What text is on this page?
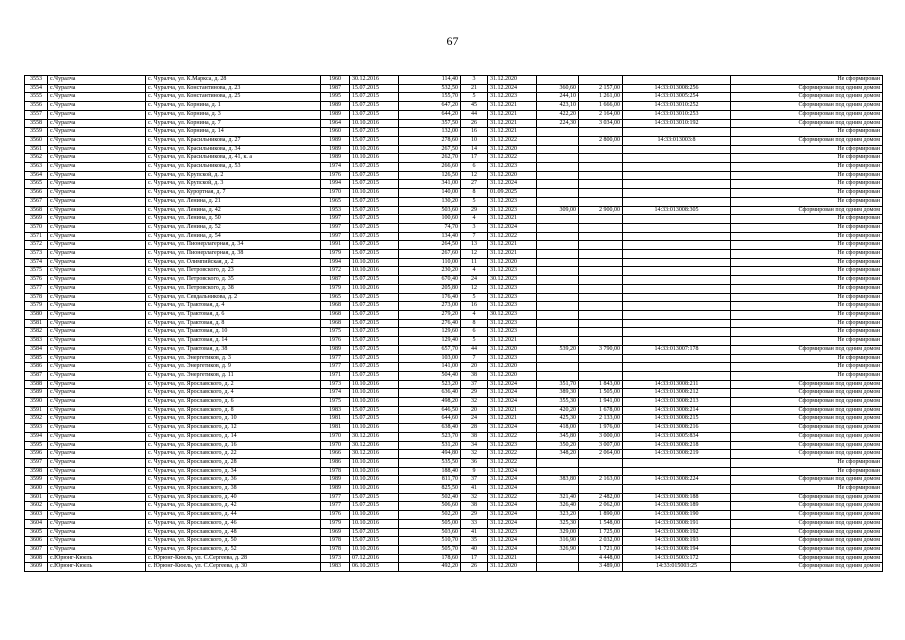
67
3553	с.Чуралча	с. Чуралча, ул. К.Маркса, д. 28	1960	30.12.2016	114,40	3	31.12.2020				Не сформирован
3554	с.Чуралча	с. Чуралча, ул. Константинова, д. 23	1987	15.07.2015	532,50	21	31.12.2024	360,60	2 157,00	14:33:013008:256	Сформирован под одним домом
3555	с.Чуралча	с. Чуралча, ул. Константинова, д. 25	1995	15.07.2015	155,70	5	31.12.2023	244,10	1 261,00	14:33:013005:254	Сформирован под одним домом
3556	с.Чуралча	с. Чуралча, ул. Корнина, д. 1	1989	15.07.2015	647,20	45	31.12.2021	423,10	1 666,00	14:33:013010:252	Сформирован под одним домом
3557	с.Чуралча	с. Чуралча, ул. Корнина, д. 3	1989	13.07.2015	644,20	44	31.12.2021	422,20	2 164,00	14:33:013010:253	Сформирован под одним домом
3558	с.Чуралча	с. Чуралча, ул. Корнина, д. 7	1964	10.10.2016	357,50	26	31.12.2021	224,30	3 034,00	14:33:013010:192	Сформирован под одним домом
3559	с.Чуралча	с. Чуралча, ул. Корнина, д. 14	1960	15.07.2015	132,00	16	31.12.2021				Не сформирован
3560	с.Чуралча	с. Чуралча, ул. Красильникова, д. 27	1989	15.07.2015	278,60	10	31.12.2022		2 800,00	14:33:013003:8	Сформирован под одним домом
3561	с.Чуралча	с. Чуралча, ул. Красильникова, д. 34	1989	10.10.2016	267,50	14	31.12.2020				Не сформирован
3562	с.Чуралча	с. Чуралча, ул. Красильникова, д. 41, к. а	1989	10.10.2016	262,70	17	31.12.2022				Не сформирован
3563	с.Чуралча	с. Чуралча, ул. Красильникова, д. 53	1974	15.07.2015	266,60	6	31.12.2023				Не сформирован
3564	с.Чуралча	с. Чуралча, ул. Крупской, д. 2	1976	15.07.2015	126,50	12	31.12.2020				Не сформирован
3565	с.Чуралча	с. Чуралча, ул. Крупской, д. 3	1994	15.07.2015	341,00	27	31.12.2024				Не сформирован
3566	с.Чуралча	с. Чуралча, ул. Курортная, д. 7	1970	10.10.2016	140,00	8	01.09.2025				Не сформирован
3567	с.Чуралча	с. Чуралча, ул. Ленина, д. 21	1965	15.07.2015	130,20	5	31.12.2023				Не сформирован
3568	с.Чуралча	с. Чуралча, ул. Ленина, д. 42	1953	15.07.2015	503,60	29	31.12.2023	309,00	2 900,00	14:33:013008:305	Сформирован под одним домом
3569	с.Чуралча	с. Чуралча, ул. Ленина, д. 50	1997	15.07.2015	100,60	4	31.12.2021				Не сформирован
3570	с.Чуралча	с. Чуралча, ул. Ленина, д. 52	1997	15.07.2015	74,70	3	31.12.2024				Не сформирован
3571	с.Чуралча	с. Чуралча, ул. Ленина, д. 54	1997	15.07.2015	134,40	7	31.12.2022				Не сформирован
3572	с.Чуралча	с. Чуралча, ул. Пионерлагерная, д. 34	1991	15.07.2015	264,50	13	31.12.2021				Не сформирован
3573	с.Чуралча	с. Чуралча, ул. Пионерлагерная, д. 38	1979	15.07.2015	267,60	12	31.12.2021				Не сформирован
3574	с.Чуралча	с. Чуралча, ул. Олимпийская, д. 2	1994	10.10.2016	110,00	11	31.12.2020				Не сформирован
3575	с.Чуралча	с. Чуралча, ул. Петровского, д. 23	1972	10.10.2016	230,20	4	31.12.2023				Не сформирован
3576	с.Чуралча	с. Чуралча, ул. Петровского, д. 35	1987	15.07.2015	670,40	24	30.12.2023				Не сформирован
3577	с.Чуралча	с. Чуралча, ул. Петровского, д. 38	1979	10.10.2016	205,80	12	31.12.2023				Не сформирован
3578	с.Чуралча	с. Чуралча, ул. Севдальникова, д. 2	1965	15.07.2015	176,40	5	31.12.2023				Не сформирован
3579	с.Чуралча	с. Чуралча, ул. Трактовая, д. 4	1968	15.07.2015	273,00	16	31.12.2023				Не сформирован
3580	с.Чуралча	с. Чуралча, ул. Трактовая, д. 6	1968	15.07.2015	279,20	4	30.12.2023				Не сформирован
3581	с.Чуралча	с. Чуралча, ул. Трактовая, д. 8	1968	15.07.2015	276,40	8	31.12.2023				Не сформирован
3582	с.Чуралча	с. Чуралча, ул. Трактовая, д. 10	1975	13.07.2015	129,60	6	31.12.2023				Не сформирован
3583	с.Чуралча	с. Чуралча, ул. Трактовая, д. 14	1976	15.07.2015	129,40	5	31.12.2021				Не сформирован
3584	с.Чуралча	с. Чуралча, ул. Трактовая, д. 38	1989	15.07.2015	657,70	44	31.12.2020	539,20	3 790,00	14:33:013007:178	Сформирован под одним домом
3585	с.Чуралча	с. Чуралча, ул. Энергетиков, д. 3	1977	15.07.2015	103,00	7	31.12.2023				Не сформирован
3586	с.Чуралча	с. Чуралча, ул. Энергетиков, д. 9	1977	15.07.2015	141,00	20	31.12.2020				Не сформирован
3587	с.Чуралча	с. Чуралча, ул. Энергетиков, д. 11	1971	15.07.2015	504,40	38	31.12.2020				Не сформирован
3588	с.Чуралча	с. Чуралча, ул. Ярославского, д. 2	1973	10.10.2016	523,20	37	31.12.2024	351,70	1 843,00	14:33:013008:211	Сформирован под одним домом
3589	с.Чуралча	с. Чуралча, ул. Ярославского, д. 4	1974	10.10.2016	636,40	29	31.12.2024	389,30	1 505,00	14:33:013008:212	Сформирован под одним домом
3590	с.Чуралча	с. Чуралча, ул. Ярославского, д. 6	1975	10.10.2016	498,20	32	31.12.2024	355,30	1 941,00	14:33:013008:213	Сформирован под одним домом
3591	с.Чуралча	с. Чуралча, ул. Ярославского, д. 8	1983	15.07.2015	646,50	20	31.12.2021	420,20	1 678,00	14:33:013008:214	Сформирован под одним домом
3592	с.Чуралча	с. Чуралча, ул. Ярославского, д. 10	1981	15.07.2015	644,60	24	31.12.2021	425,30	2 133,00	14:33:013008:215	Сформирован под одним домом
3593	с.Чуралча	с. Чуралча, ул. Ярославского, д. 12	1981	10.10.2016	638,40	28	31.12.2024	418,00	1 976,00	14:33:013008:216	Сформирован под одним домом
3594	с.Чуралча	с. Чуралча, ул. Ярославского, д. 14	1970	30.12.2016	523,70	38	31.12.2022	345,80	3 000,00	14:33:013005:834	Сформирован под одним домом
3595	с.Чуралча	с. Чуралча, ул. Ярославского, д. 16	1970	30.12.2016	531,20	34	31.12.2023	350,20	3 007,00	14:33:013008:218	Сформирован под одним домом
3596	с.Чуралча	с. Чуралча, ул. Ярославского, д. 22	1966	30.12.2016	494,80	32	31.12.2022	348,20	2 064,00	14:33:013008:219	Сформирован под одним домом
3597	с.Чуралча	с. Чуралча, ул. Ярославского, д. 28	1986	10.10.2016	535,50	36	31.12.2022				Не сформирован
3598	с.Чуралча	с. Чуралча, ул. Ярославского, д. 34	1978	10.10.2016	188,40	9	31.12.2024				Не сформирован
3599	с.Чуралча	с. Чуралча, ул. Ярославского, д. 36	1989	10.10.2016	811,70	37	31.12.2024	383,80	2 163,00	14:33:013008:224	Сформирован под одним домом
3600	с.Чуралча	с. Чуралча, ул. Ярославского, д. 38	1989	10.10.2016	825,50	41	31.12.2024				Не сформирован
3601	с.Чуралча	с. Чуралча, ул. Ярославского, д. 40	1977	15.07.2015	502,40	32	31.12.2022	321,40	2 482,00	14:33:013008:188	Сформирован под одним домом
3602	с.Чуралча	с. Чуралча, ул. Ярославского, д. 42	1977	15.07.2015	506,60	38	31.12.2024	326,40	2 062,00	14:33:013008:189	Сформирован под одним домом
3603	с.Чуралча	с. Чуралча, ул. Ярославского, д. 44	1976	10.10.2016	502,20	29	31.12.2024	323,20	1 890,00	14:33:013008:190	Сформирован под одним домом
3604	с.Чуралча	с. Чуралча, ул. Ярославского, д. 46	1979	10.10.2016	505,00	33	31.12.2024	325,30	1 548,00	14:33:013008:191	Сформирован под одним домом
3605	с.Чуралча	с. Чуралча, ул. Ярославского, д. 48	1969	15.07.2015	503,60	41	31.12.2023	329,00	1 725,00	14:33:013008:192	Сформирован под одним домом
3606	с.Чуралча	с. Чуралча, ул. Ярославского, д. 50	1978	15.07.2015	510,70	35	31.12.2024	316,90	2 032,00	14:33:013008:193	Сформирован под одним домом
3607	с.Чуралча	с. Чуралча, ул. Ярославского, д. 52	1978	10.10.2016	505,70	40	31.12.2024	326,90	1 721,00	14:33:013008:194	Сформирован под одним домом
3608	с.Юрюнг-Кюель	с. Юрюнг-Кюель, ул. С.Сергеева, д. 28	1973	07.12.2016	178,60	17	31.12.2021		4 448,00	14:33:015003:172	Сформирован под одним домом
3609	с.Юрюнг-Кюель	с. Юрюнг-Кюель, ул. С.Сергеева, д. 30	1983	06.10.2015	492,20	26	31.12.2020		3 489,00	14:33:015003:25	Сформирован под одним домом
